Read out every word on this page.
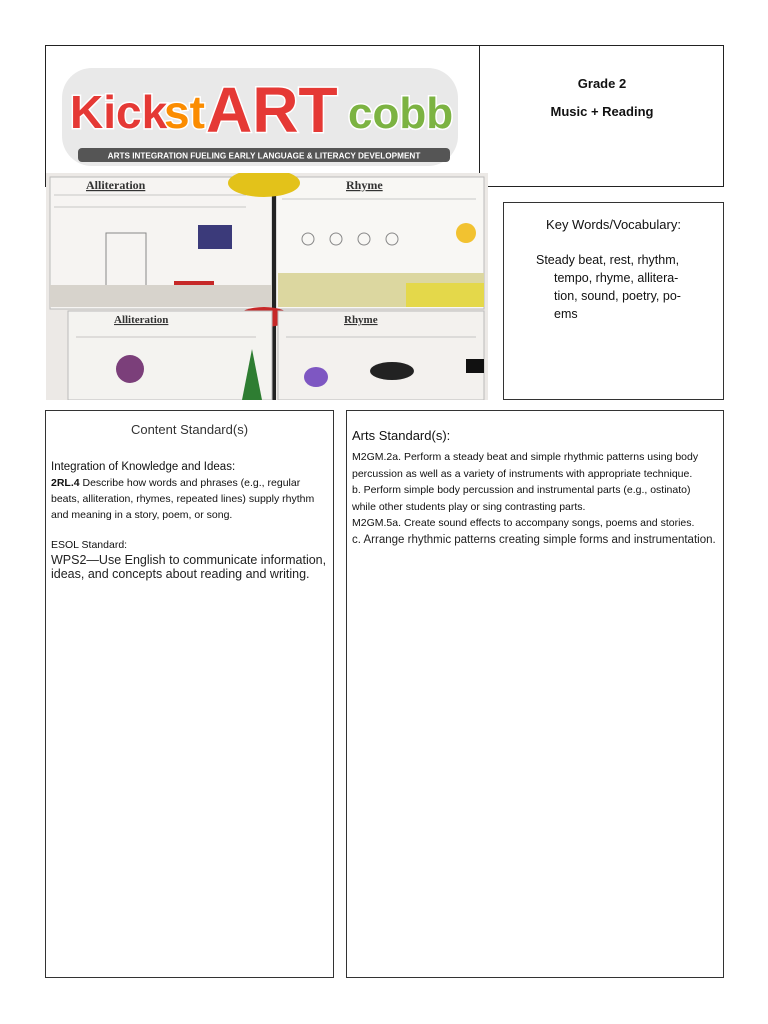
Kick
st ART cobb
ARTS INTEGRATION FUELING EARLY LANGUAGE & LITERACY DEVELOPMENT
Grade 2
Music + Reading
Alliteration	Rhyme
Alliteration	Rhyme
Key Words/Vocabulary:
Steady beat, rest, rhythm,
tempo, rhyme, allitera-
tion, sound, poetry, po-
ems
Content Standard(s)
Integration of Knowledge and Ideas:
2RL.4 Describe how words and phrases (e.g., regular beats, alliteration, rhymes, repeated lines) supply rhythm and meaning in a story, poem, or song.
ESOL Standard:
WPS2—Use English to communicate information, ideas, and concepts about reading and writing.
Arts Standard(s):
M2GM.2a. Perform a steady beat and simple rhythmic patterns using body percussion as well as a variety of instruments with appropriate technique.
b. Perform simple body percussion and instrumental parts (e.g., ostinato) while other students play or sing contrasting parts.
M2GM.5a. Create sound effects to accompany songs, poems and stories.
c. Arrange rhythmic patterns creating simple forms and instrumentation.
